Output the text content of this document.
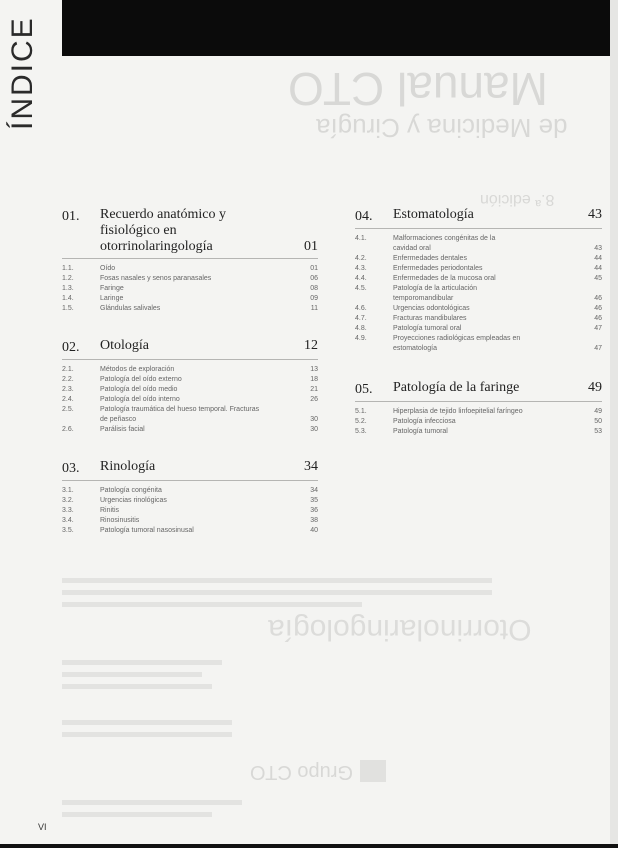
ÍNDICE	Manual CTO
de Medicina y Cirugía
8.ª edición
Otorrinolaringología
Grupo CTO
01.	Recuerdo anatómico y fisiológico en otorrinolaringología	01
1.1.	Oído	01
1.2.	Fosas nasales y senos paranasales	06
1.3.	Faringe	08
1.4.	Laringe	09
1.5.	Glándulas salivales	11
02.	Otología	12
2.1.	Métodos de exploración	13
2.2.	Patología del oído externo	18
2.3.	Patología del oído medio	21
2.4.	Patología del oído interno	26
2.5.	Patología traumática del hueso temporal. Fracturas de peñasco	30
2.6.	Parálisis facial	30
03.	Rinología	34
3.1.	Patología congénita	34
3.2.	Urgencias rinológicas	35
3.3.	Rinitis	36
3.4.	Rinosinusitis	38
3.5.	Patología tumoral nasosinusal	40
04.	Estomatología	43
4.1.	Malformaciones congénitas de la cavidad oral	43
4.2.	Enfermedades dentales	44
4.3.	Enfermedades periodontales	44
4.4.	Enfermedades de la mucosa oral	45
4.5.	Patología de la articulación temporomandibular	46
4.6.	Urgencias odontológicas	46
4.7.	Fracturas mandibulares	46
4.8.	Patología tumoral oral	47
4.9.	Proyecciones radiológicas empleadas en estomatología	47
05.	Patología de la faringe	49
5.1.	Hiperplasia de tejido linfoepitelial faríngeo	49
5.2.	Patología infecciosa	50
5.3.	Patología tumoral	53
VI
